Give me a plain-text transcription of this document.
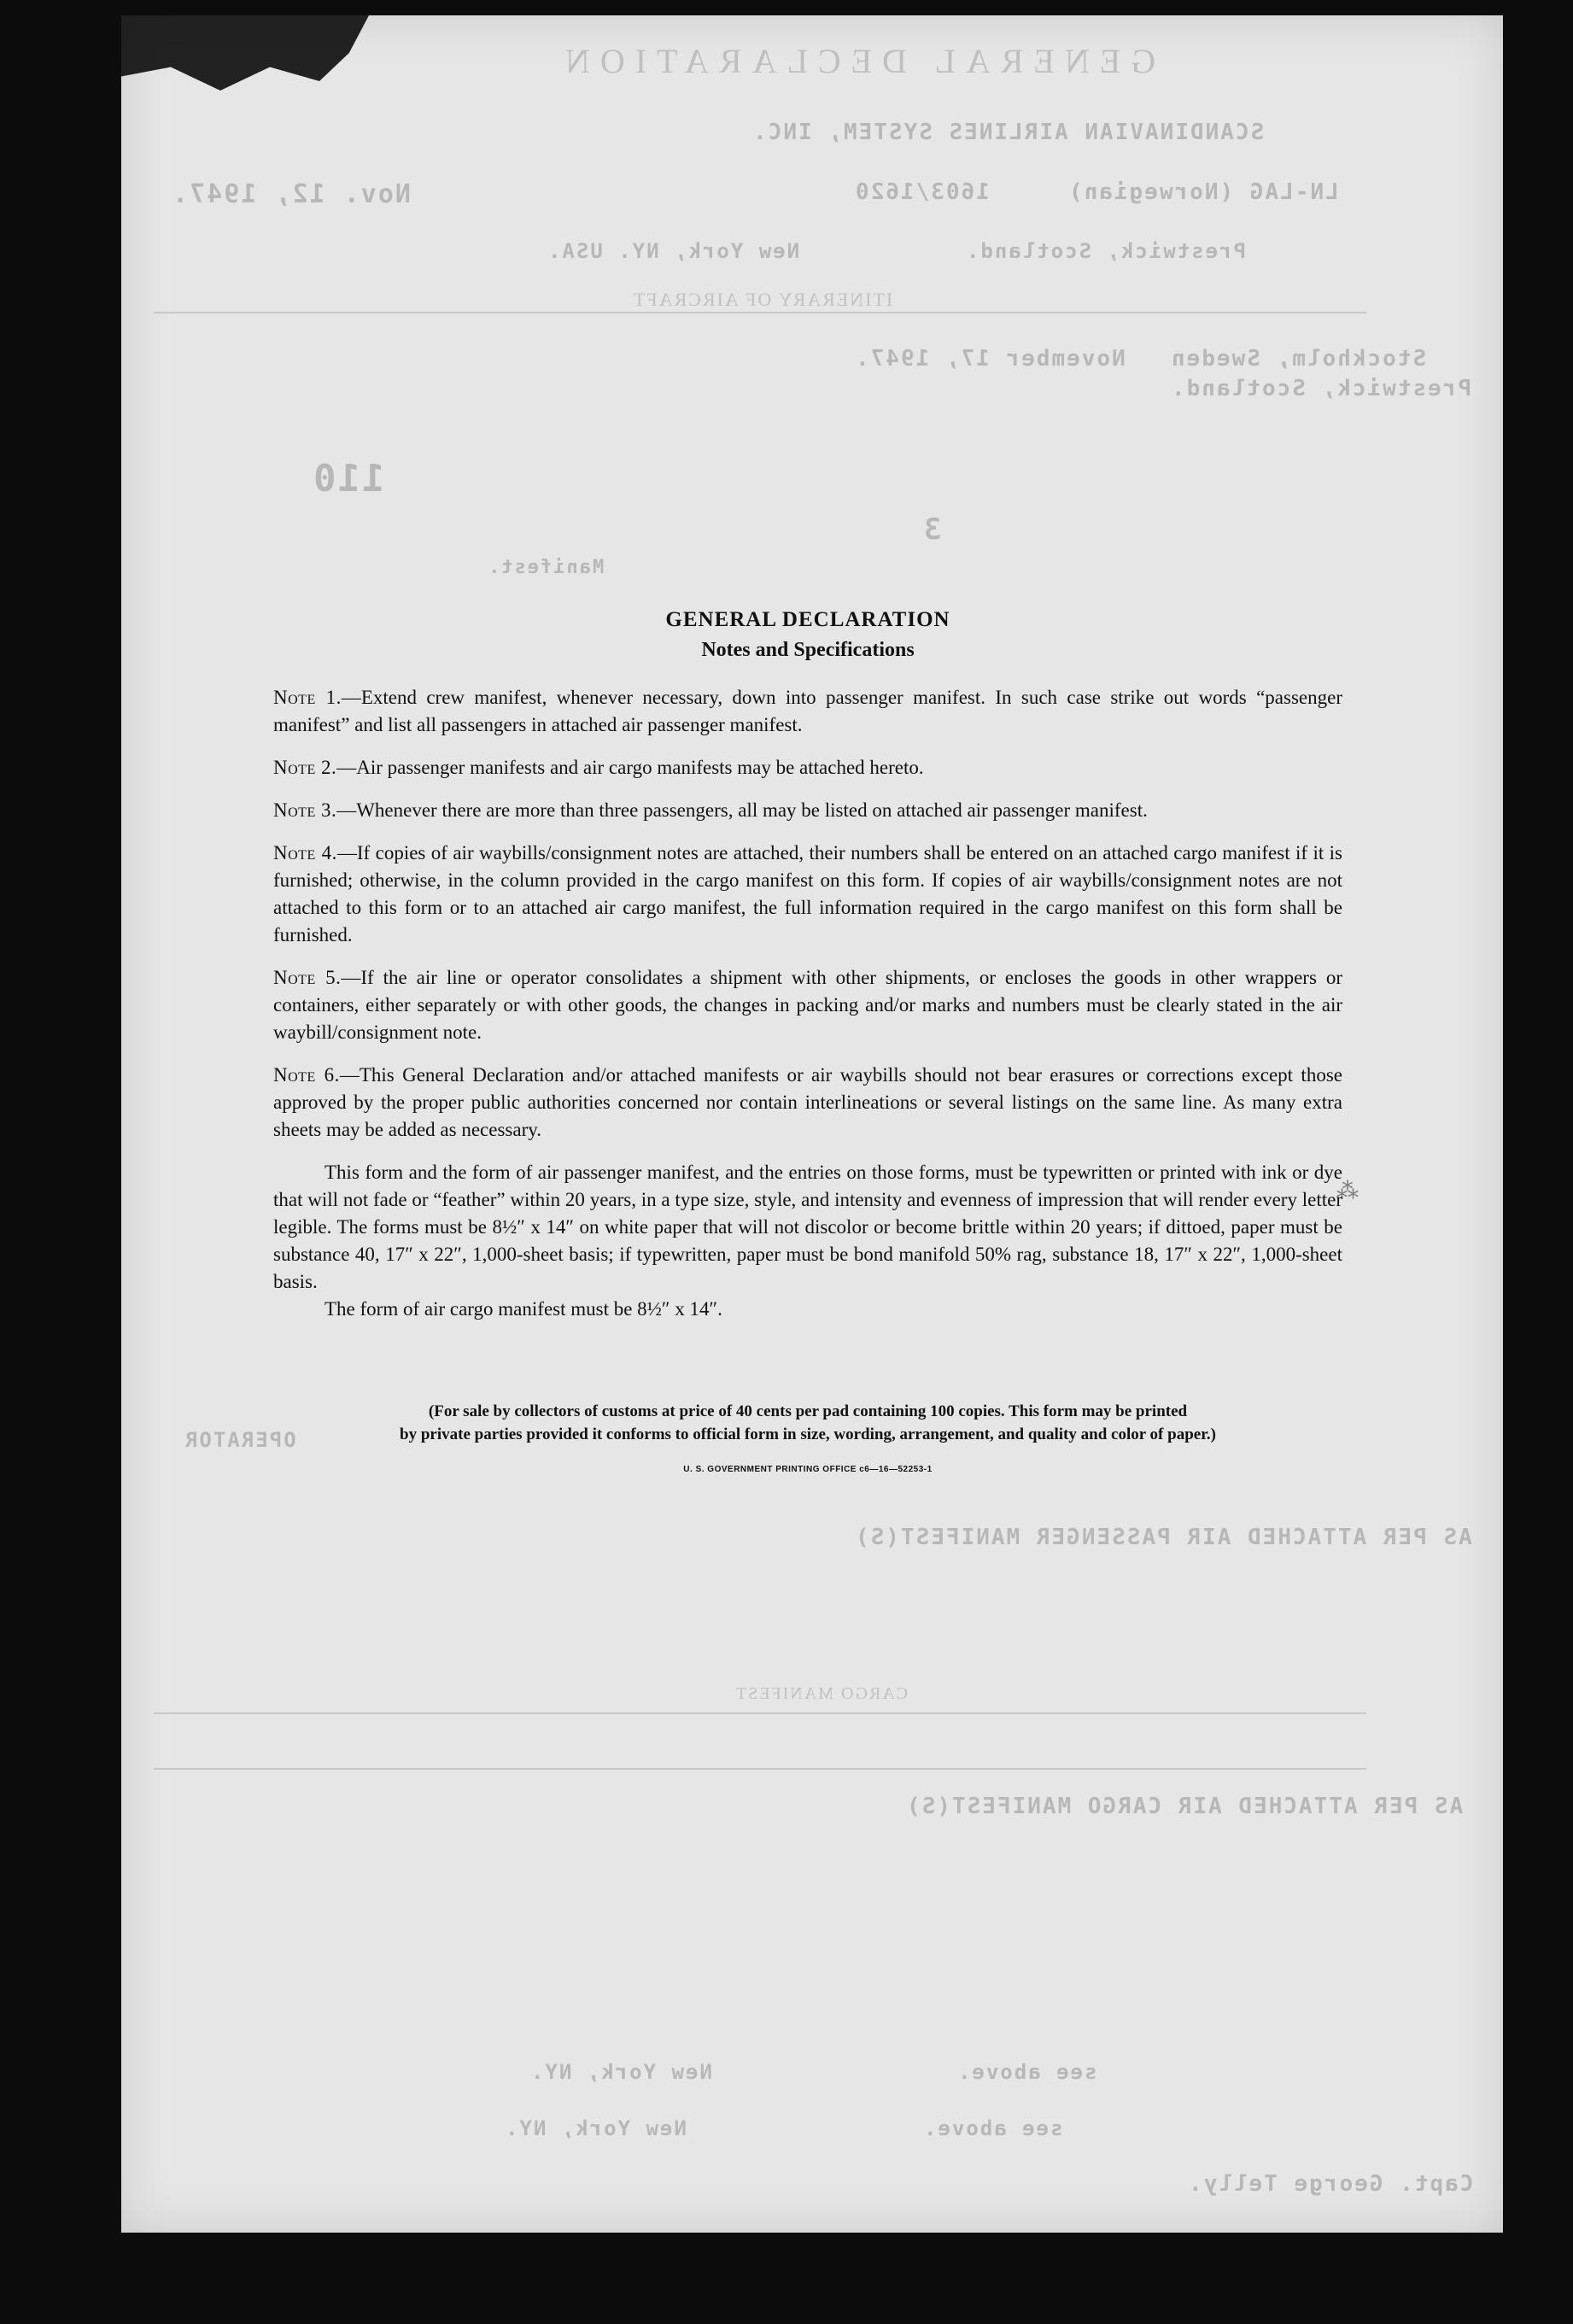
GENERAL DECLARATION
SCANDINAVIAN AIRLINES SYSTEM, INC.
LN-LAG (Norwegian)
1603/1620
Nov. 12, 1947.
Prestwick, Scotland.
New York, NY. USA.
ITINERARY OF AIRCRAFT
November 17, 1947. Stockholm, Sweden
Prestwick, Scotland.
110
3
Manifest.
OPERATOR
AS PER ATTACHED AIR PASSENGER MANIFEST(S)
CARGO MANIFEST
AS PER ATTACHED AIR CARGO MANIFEST(S)
see above.
New York, NY.
see above.
New York, NY.
Capt. George Telly.
GENERAL DECLARATION
Notes and Specifications
Note 1.—Extend crew manifest, whenever necessary, down into passenger manifest. In such case strike out words “passenger manifest” and list all passengers in attached air passenger manifest.
Note 2.—Air passenger manifests and air cargo manifests may be attached hereto.
Note 3.—Whenever there are more than three passengers, all may be listed on attached air passenger manifest.
Note 4.—If copies of air waybills/consignment notes are attached, their numbers shall be entered on an attached cargo manifest if it is furnished; otherwise, in the column provided in the cargo manifest on this form. If copies of air waybills/consignment notes are not attached to this form or to an attached air cargo manifest, the full information required in the cargo manifest on this form shall be furnished.
Note 5.—If the air line or operator consolidates a shipment with other shipments, or encloses the goods in other wrappers or containers, either separately or with other goods, the changes in packing and/or marks and numbers must be clearly stated in the air waybill/consignment note.
Note 6.—This General Declaration and/or attached manifests or air waybills should not bear erasures or corrections except those approved by the proper public authorities concerned nor contain interlineations or several listings on the same line. As many extra sheets may be added as necessary.
This form and the form of air passenger manifest, and the entries on those forms, must be typewritten or printed with ink or dye that will not fade or “feather” within 20 years, in a type size, style, and intensity and evenness of impression that will render every letter legible. The forms must be 8½″ x 14″ on white paper that will not discolor or become brittle within 20 years; if dittoed, paper must be substance 40, 17″ x 22″, 1,000-sheet basis; if typewritten, paper must be bond manifold 50% rag, substance 18, 17″ x 22″, 1,000-sheet basis.
The form of air cargo manifest must be 8½″ x 14″.
(For sale by collectors of customs at price of 40 cents per pad containing 100 copies. This form may be printed
by private parties provided it conforms to official form in size, wording, arrangement, and quality and color of paper.)
U. S. GOVERNMENT PRINTING OFFICE c6—16—52253-1
⁂
